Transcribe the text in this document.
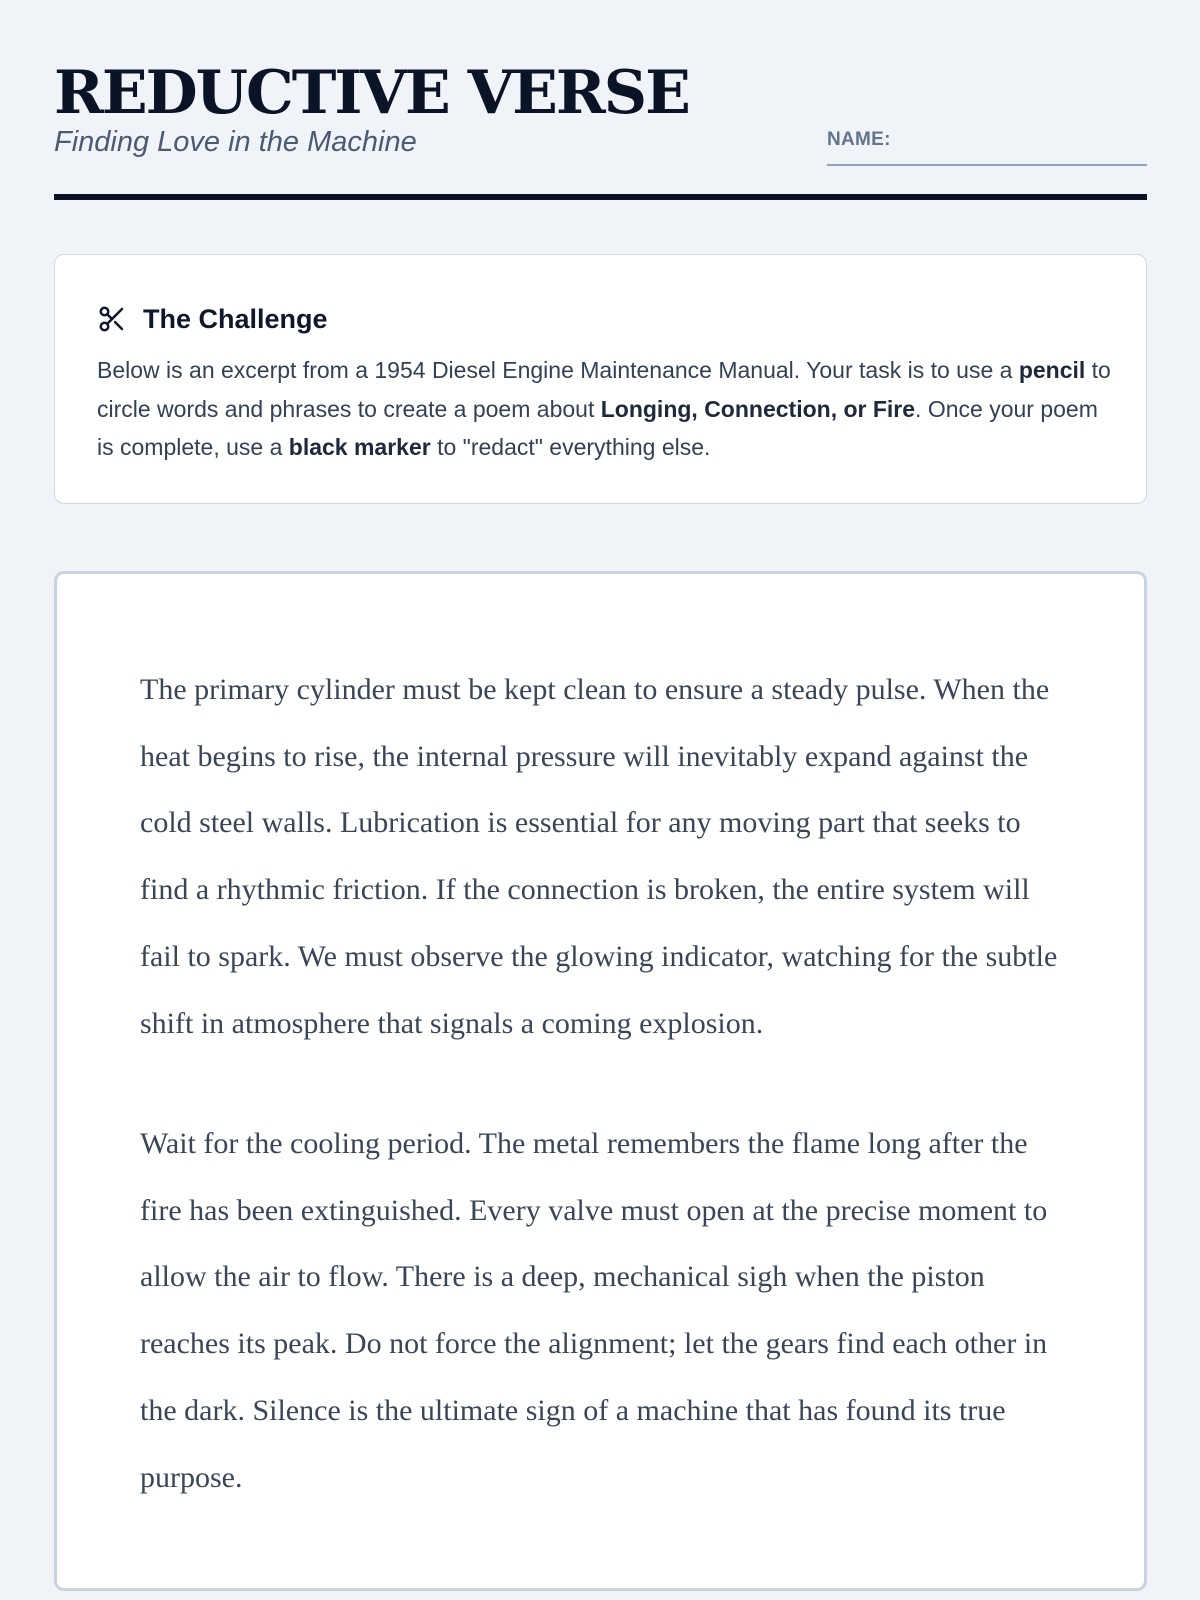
REDUCTIVE VERSE
Finding Love in the Machine	NAME:
The Challenge

Below is an excerpt from a 1954 Diesel Engine Maintenance Manual. Your task is to use a pencil to circle words and phrases to create a poem about Longing, Connection, or Fire. Once your poem is complete, use a black marker to "redact" everything else.

The primary cylinder must be kept clean to ensure a steady pulse. When the heat begins to rise, the internal pressure will inevitably expand against the cold steel walls. Lubrication is essential for any moving part that seeks to find a rhythmic friction. If the connection is broken, the entire system will fail to spark. We must observe the glowing indicator, watching for the subtle shift in atmosphere that signals a coming explosion.

Wait for the cooling period. The metal remembers the flame long after the fire has been extinguished. Every valve must open at the precise moment to allow the air to flow. There is a deep, mechanical sigh when the piston reaches its peak. Do not force the alignment; let the gears find each other in the dark. Silence is the ultimate sign of a machine that has found its true purpose.
